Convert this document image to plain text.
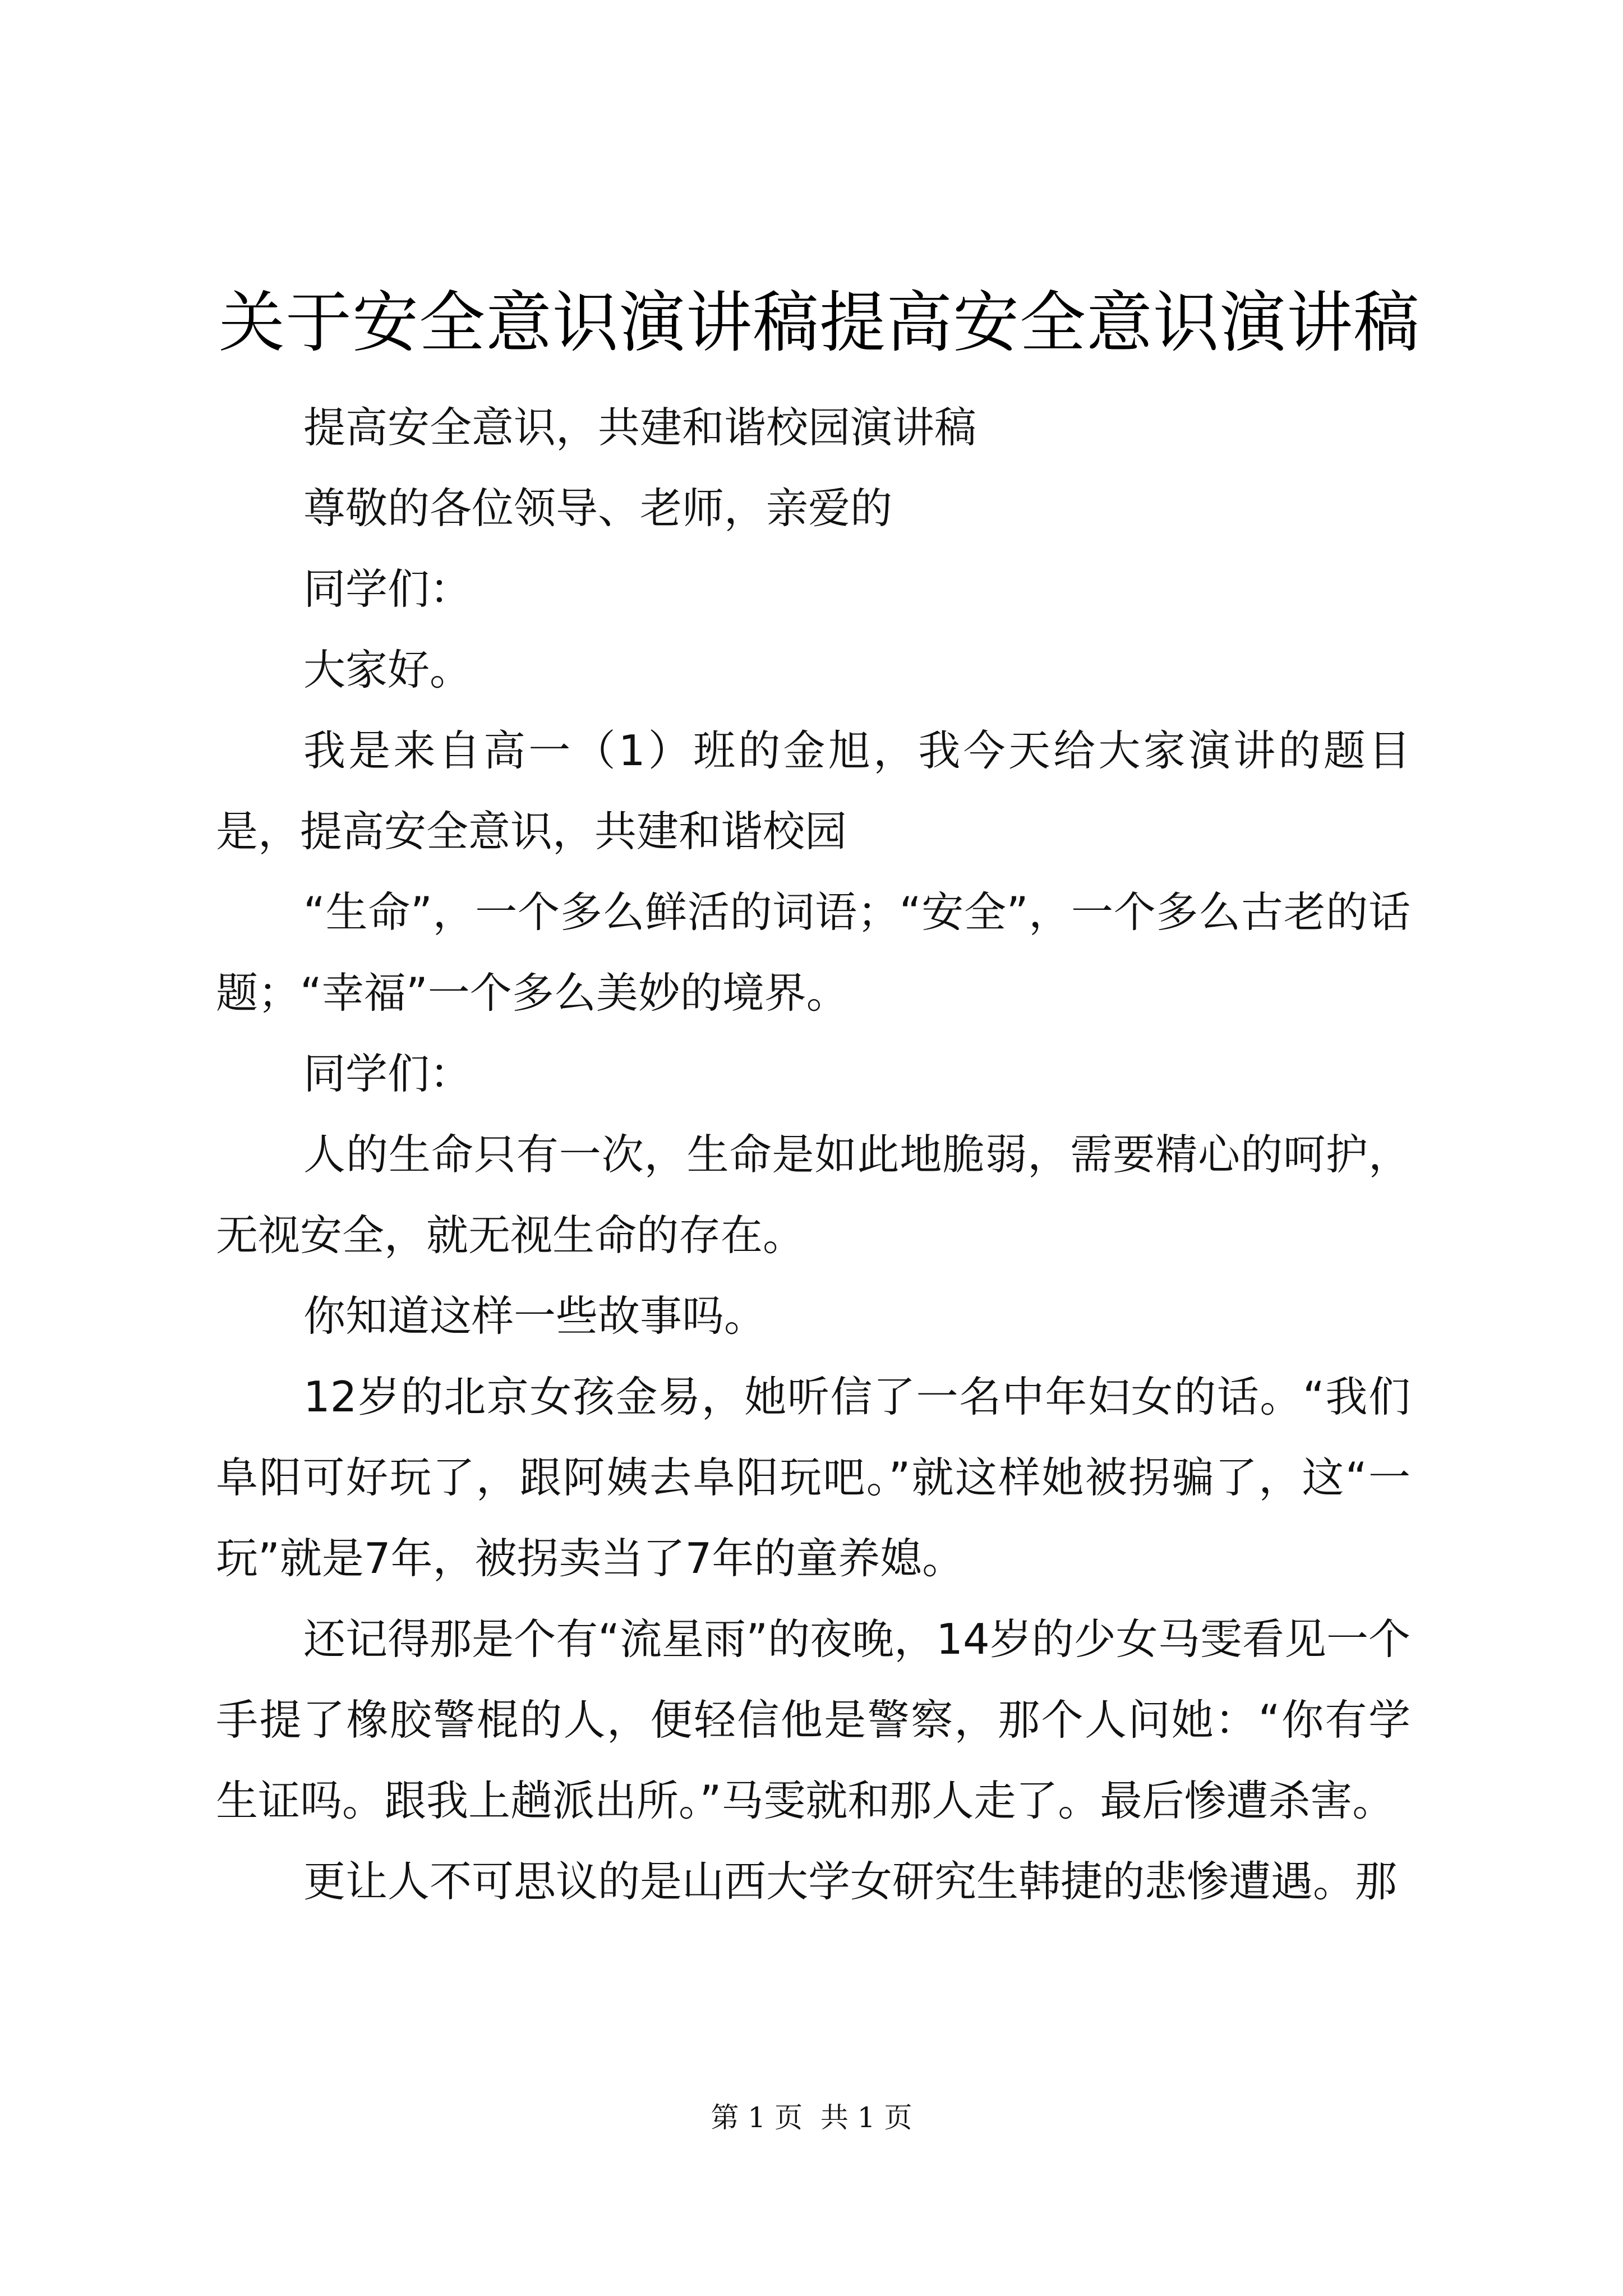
关于安全意识演讲稿提高安全意识演讲稿

提高安全意识，共建和谐校园演讲稿

尊敬的各位领导、老师，亲爱的

同学们：

大家好。

我是来自高一（1）班的金旭，我今天给大家演讲的题目是，提高安全意识，共建和谐校园

“生命”，一个多么鲜活的词语；“安全”，一个多么古老的话题；“幸福”一个多么美妙的境界。

同学们：

人的生命只有一次，生命是如此地脆弱，需要精心的呵护，无视安全，就无视生命的存在。

你知道这样一些故事吗。

12岁的北京女孩金易，她听信了一名中年妇女的话。“我们阜阳可好玩了，跟阿姨去阜阳玩吧。”就这样她被拐骗了，这“一玩”就是7年，被拐卖当了7年的童养媳。

还记得那是个有“流星雨”的夜晚，14岁的少女马雯看见一个手提了橡胶警棍的人，便轻信他是警察，那个人问她：“你有学生证吗。跟我上趟派出所。”马雯就和那人走了。最后惨遭杀害。

更让人不可思议的是山西大学女研究生韩捷的悲惨遭遇。那

第 1 页  共 1 页
